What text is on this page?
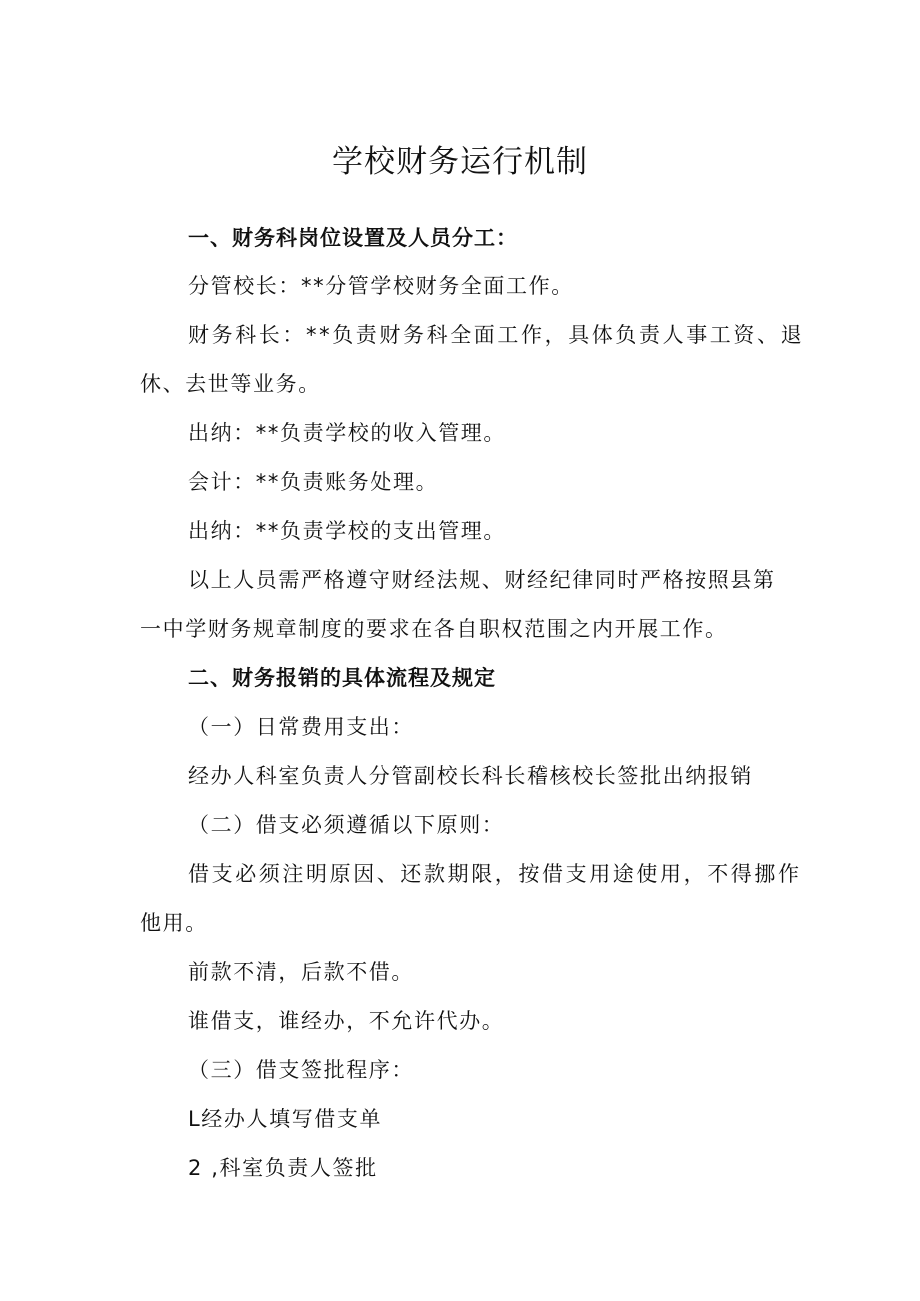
学校财务运行机制
一、财务科岗位设置及人员分工：
分管校长：**分管学校财务全面工作。
财务科长：**负责财务科全面工作，具体负责人事工资、退
休、去世等业务。
出纳：**负责学校的收入管理。
会计：**负责账务处理。
出纳：**负责学校的支出管理。
以上人员需严格遵守财经法规、财经纪律同时严格按照县第
一中学财务规章制度的要求在各自职权范围之内开展工作。
二、财务报销的具体流程及规定
（一）日常费用支出：
经办人科室负责人分管副校长科长稽核校长签批出纳报销
（二）借支必须遵循以下原则：
借支必须注明原因、还款期限，按借支用途使用，不得挪作
他用。
前款不清，后款不借。
谁借支，谁经办，不允许代办。
（三）借支签批程序：
L经办人填写借支单
2 ,科室负责人签批
